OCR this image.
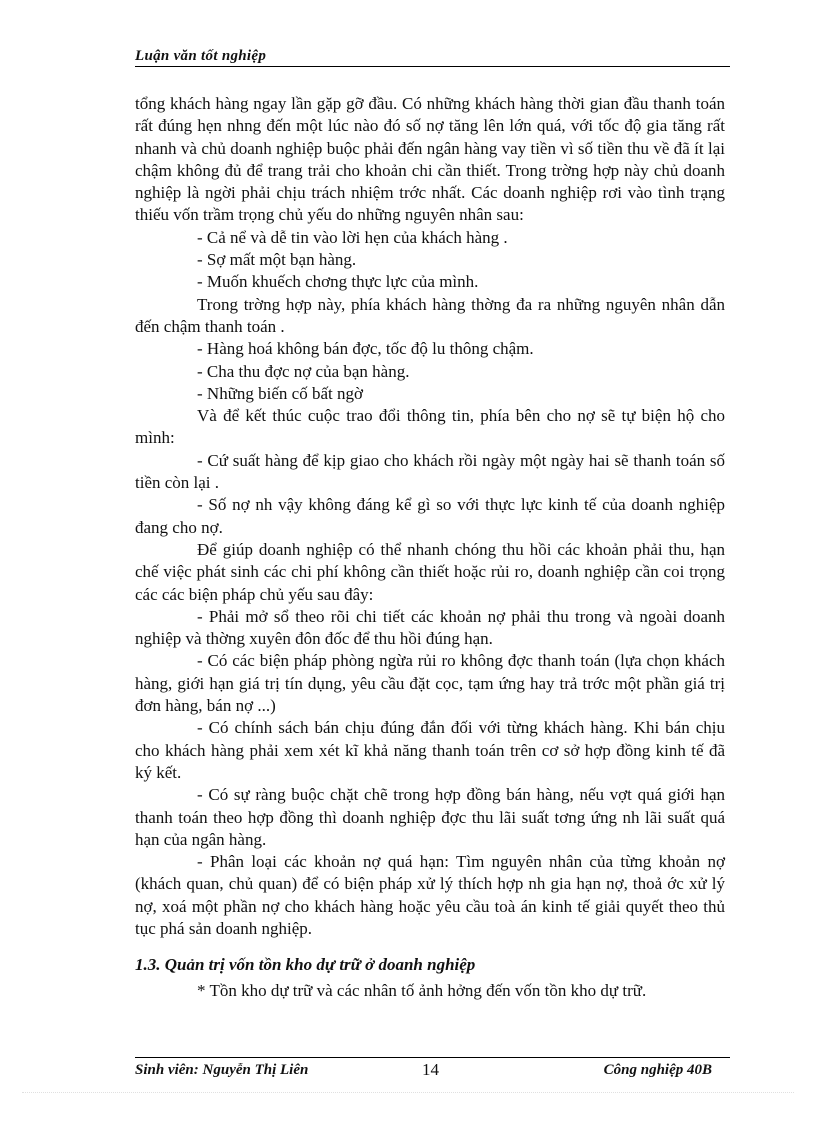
Luận văn tốt nghiệp

tổng khách hàng ngay lần gặp gỡ đầu. Có những khách hàng thời gian đầu thanh toán rất đúng hẹn nhng đến một lúc nào đó số nợ tăng lên lớn quá, với tốc độ gia tăng rất nhanh và chủ doanh nghiệp buộc phải đến ngân hàng vay tiền vì số tiền thu về đã ít lại chậm không đủ để trang trải cho khoản chi cần thiết. Trong trờng hợp này chủ doanh nghiệp là ngời phải chịu trách nhiệm trớc nhất. Các doanh nghiệp rơi vào tình trạng thiếu vốn trầm trọng chủ yếu do những nguyên nhân sau:

- Cả nể và dễ tin vào lời hẹn của khách hàng .

- Sợ mất một bạn hàng.

- Muốn khuếch chơng thực lực của mình.

Trong trờng hợp này, phía khách hàng thờng đa ra những nguyên nhân dẫn đến chậm thanh toán .

- Hàng hoá không bán đợc, tốc độ lu thông chậm.

- Cha thu đợc nợ của bạn hàng.

- Những biến cố bất ngờ

Và để kết thúc cuộc trao đổi thông tin, phía bên cho nợ sẽ tự biện hộ cho mình:

- Cứ suất hàng để kịp giao cho khách rồi ngày một ngày hai sẽ thanh toán số tiền còn lại .

- Số nợ nh vậy không đáng kể gì so với thực lực kinh tế của doanh nghiệp đang cho nợ.

Để giúp doanh nghiệp có thể nhanh chóng thu hồi các khoản phải thu, hạn chế việc phát sinh các chi phí không cần thiết hoặc rủi ro, doanh nghiệp cần coi trọng các các biện pháp chủ yếu sau đây:

- Phải mở sổ theo rõi chi tiết các khoản nợ phải thu trong và ngoài doanh nghiệp và thờng xuyên đôn đốc để thu hồi đúng hạn.

- Có các biện pháp phòng ngừa rủi ro không đợc thanh toán (lựa chọn khách hàng, giới hạn giá trị tín dụng, yêu cầu đặt cọc, tạm ứng hay trả trớc một phần giá trị đơn hàng, bán nợ ...)

- Có chính sách bán chịu đúng đắn đối với từng khách hàng. Khi bán chịu cho khách hàng phải xem xét kĩ khả năng thanh toán trên cơ sở hợp đồng kinh tế đã ký kết.

- Có sự ràng buộc chặt chẽ trong hợp đồng bán hàng, nếu vợt quá giới hạn thanh toán theo hợp đồng thì doanh nghiệp đợc thu lãi suất tơng ứng nh lãi suất quá hạn của ngân hàng.

- Phân loại các khoản nợ quá hạn: Tìm nguyên nhân của từng khoản nợ (khách quan, chủ quan) để có biện pháp xử lý thích hợp nh gia hạn nợ, thoả ớc xử lý nợ, xoá một phần nợ cho khách hàng hoặc yêu cầu toà án kinh tế giải quyết theo thủ tục phá sản doanh nghiệp.

1.3. Quản trị vốn tồn kho dự trữ ở doanh nghiệp

* Tồn kho dự trữ và các nhân tố ảnh hởng đến vốn tồn kho dự trữ.

Sinh viên: Nguyễn Thị Liên	14	Công nghiệp 40B
